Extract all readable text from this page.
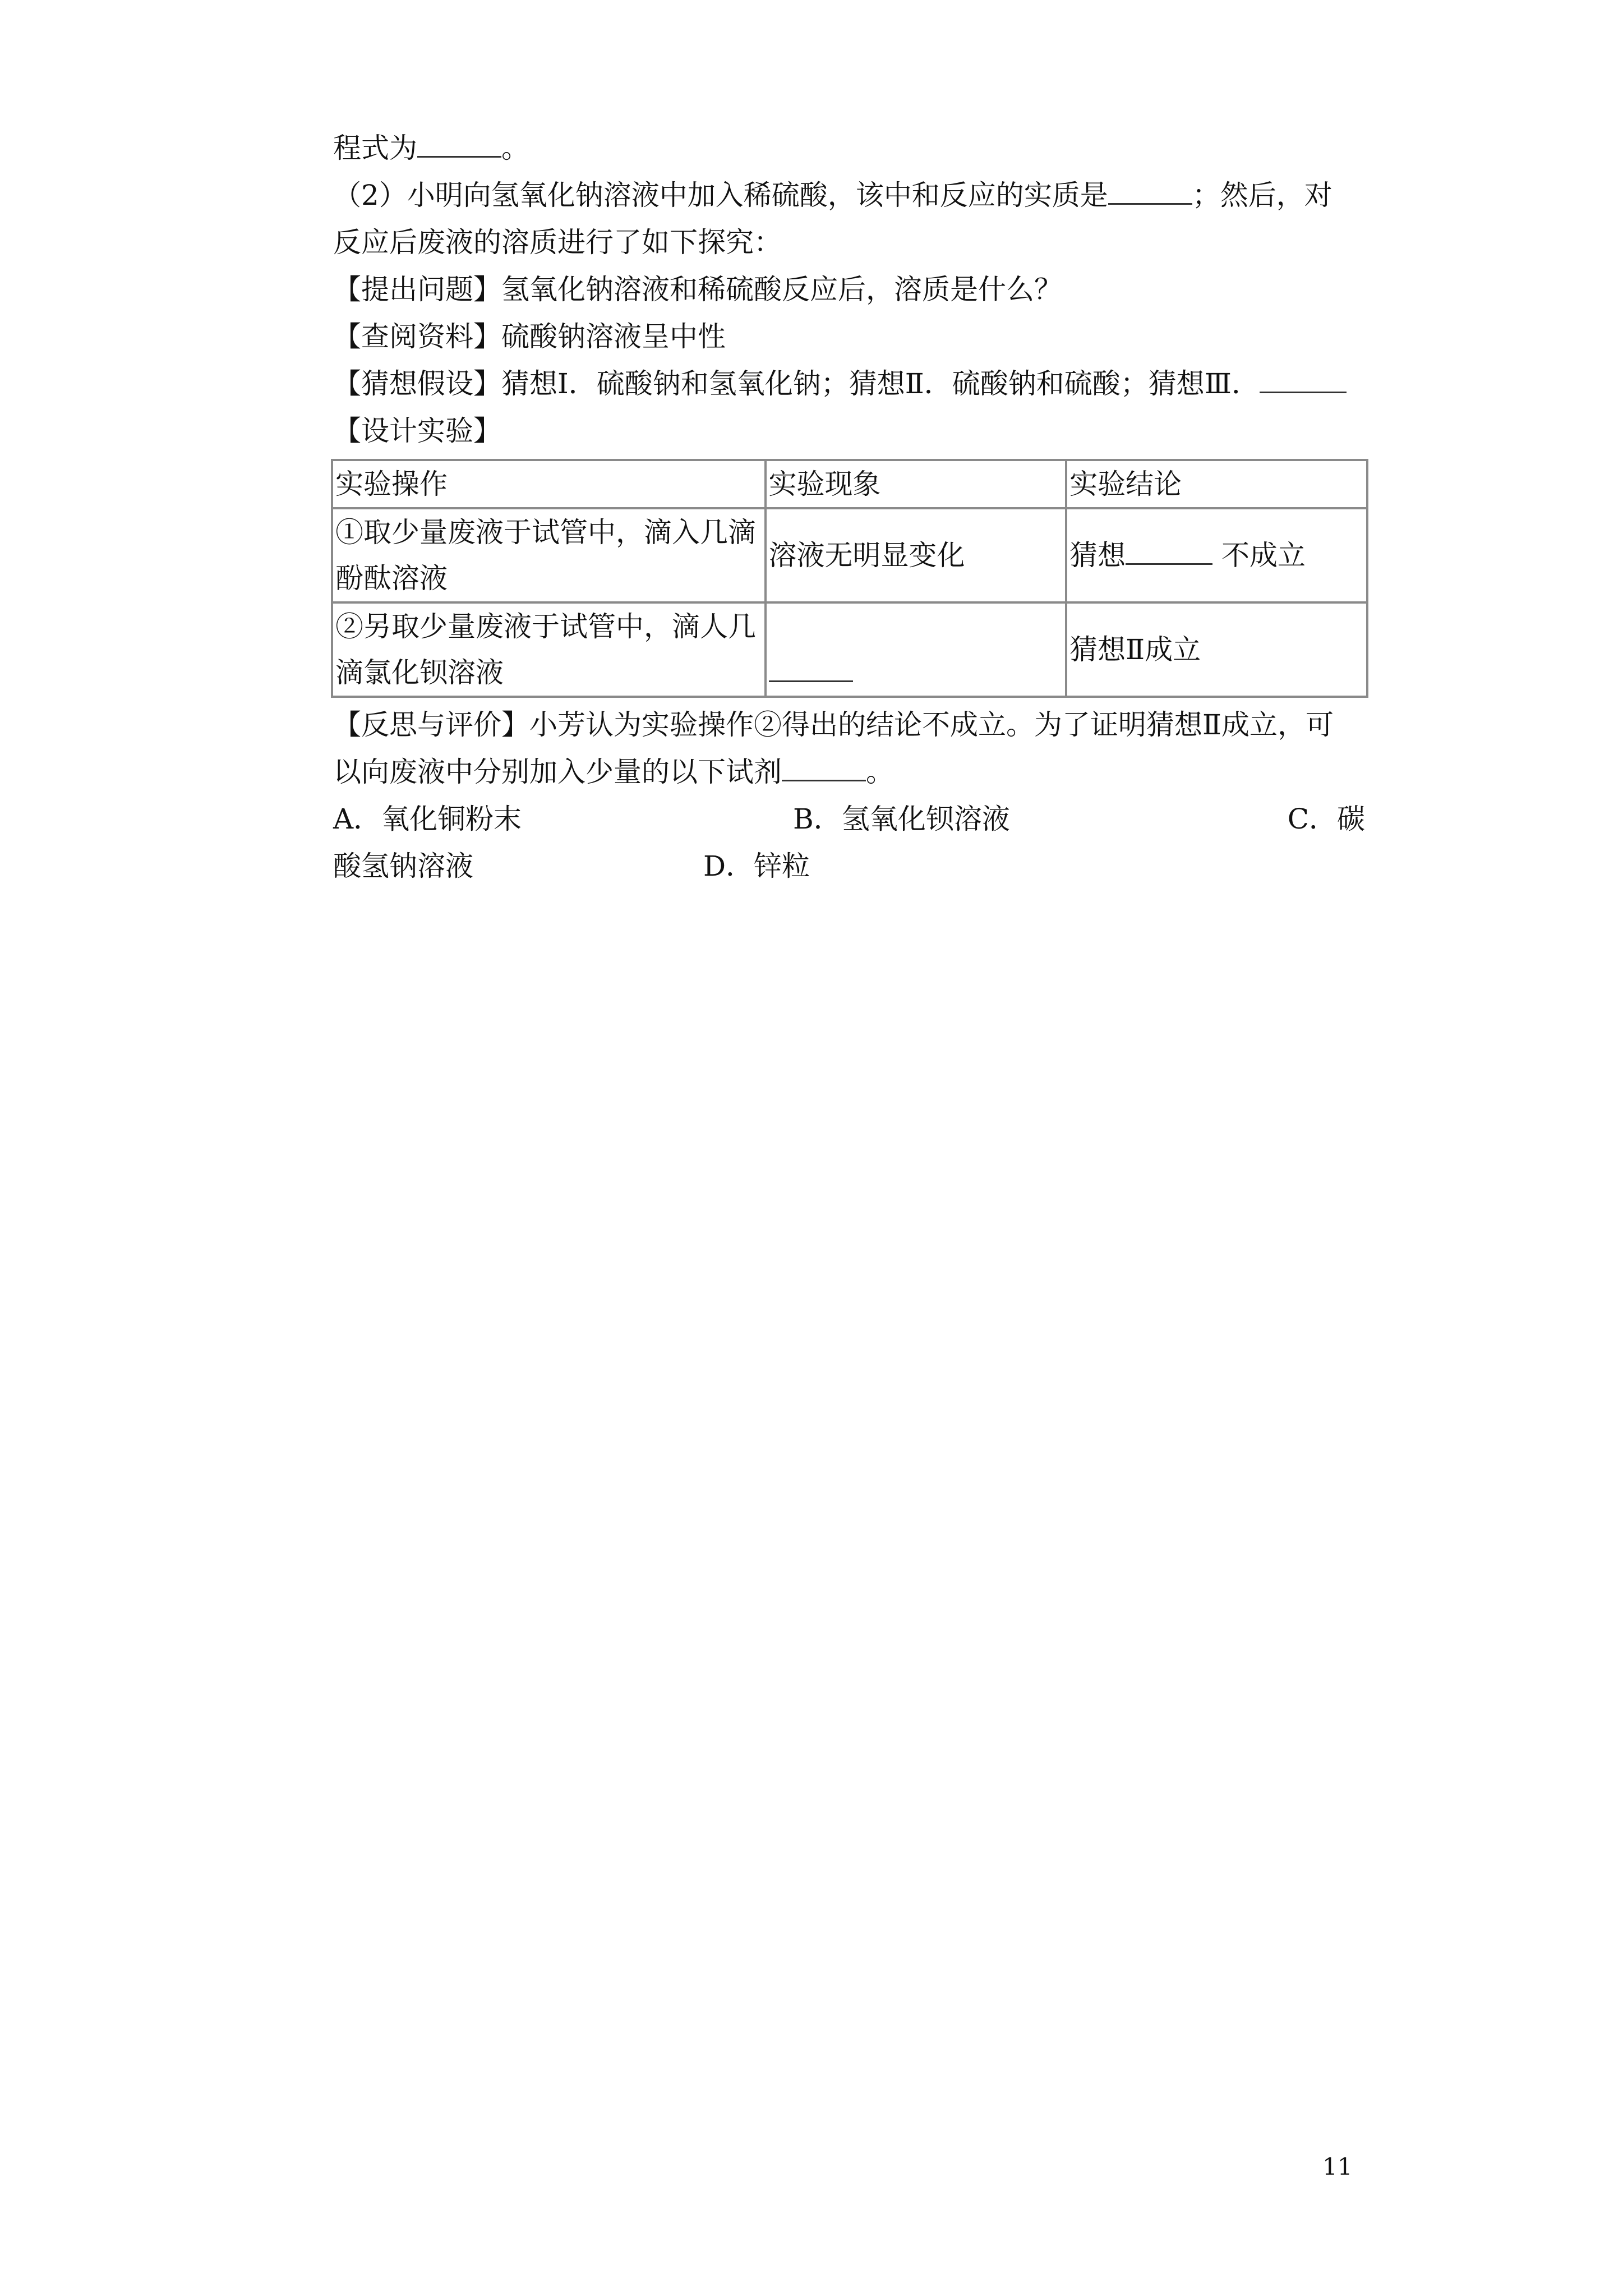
程式为	。
（2）小明向氢氧化钠溶液中加入稀硫酸，该中和反应的实质是	；然后，对
反应后废液的溶质进行了如下探究：
【提出问题】氢氧化钠溶液和稀硫酸反应后，溶质是什么？
【查阅资料】硫酸钠溶液呈中性
【猜想假设】猜想Ⅰ．硫酸钠和氢氧化钠；猜想Ⅱ．硫酸钠和硫酸；猜想Ⅲ．
【设计实验】
实验操作	实验现象	实验结论

①取少量废液于试管中，滴入几滴
酚酞溶液	溶液无明显变化	猜想 不成立

②另取少量废液于试管中，滴人几
滴氯化钡溶液		猜想Ⅱ成立
【反思与评价】小芳认为实验操作②得出的结论不成立。为了证明猜想Ⅱ成立，可
以向废液中分别加入少量的以下试剂	。
A．氧化铜粉末	B．氢氧化钡溶液	C．碳
酸氢钠溶液	D．锌粒
11
